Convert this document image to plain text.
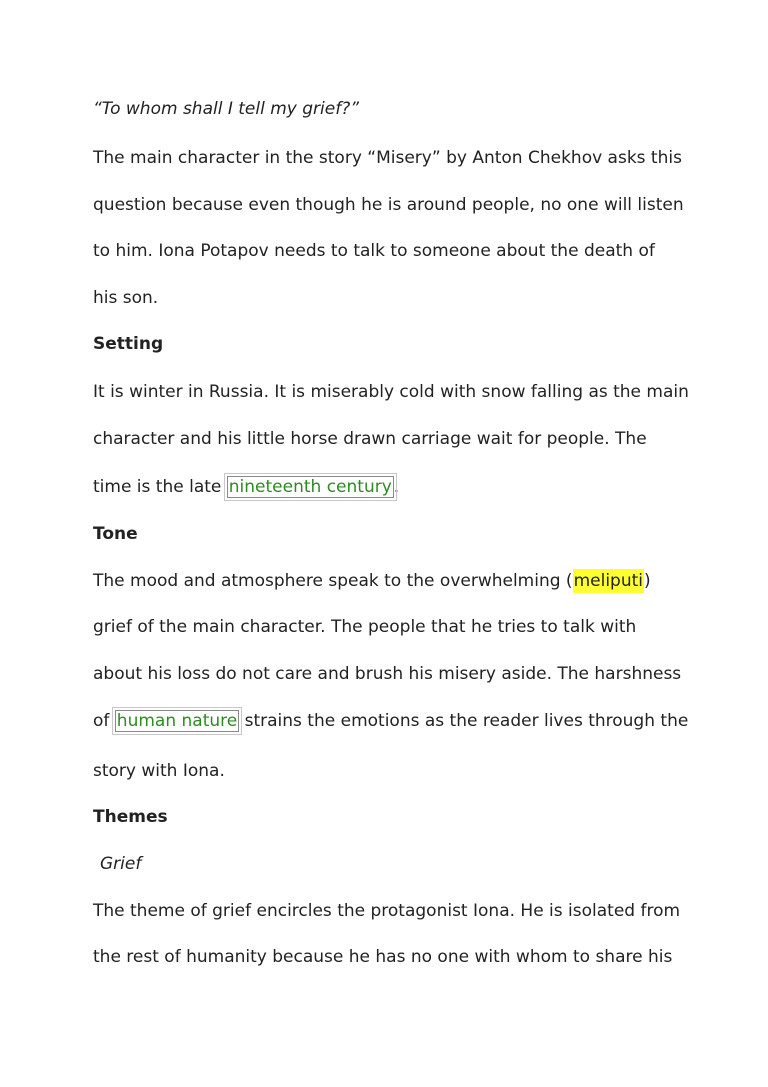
“To whom shall I tell my grief?”
The main character in the story “Misery” by Anton Chekhov asks this
question because even though he is around people, no one will listen
to him. Iona Potapov needs to talk to someone about the death of
his son.
Setting
It is winter in Russia. It is miserably cold with snow falling as the main
character and his little horse drawn carriage wait for people. The
time is the late nineteenth century .
Tone
The mood and atmosphere speak to the overwhelming (meliputi)
grief of the main character. The people that he tries to talk with
about his loss do not care and brush his misery aside. The harshness
of human nature strains the emotions as the reader lives through the
story with Iona.
Themes
Grief
The theme of grief encircles the protagonist Iona. He is isolated from
the rest of humanity because he has no one with whom to share his
